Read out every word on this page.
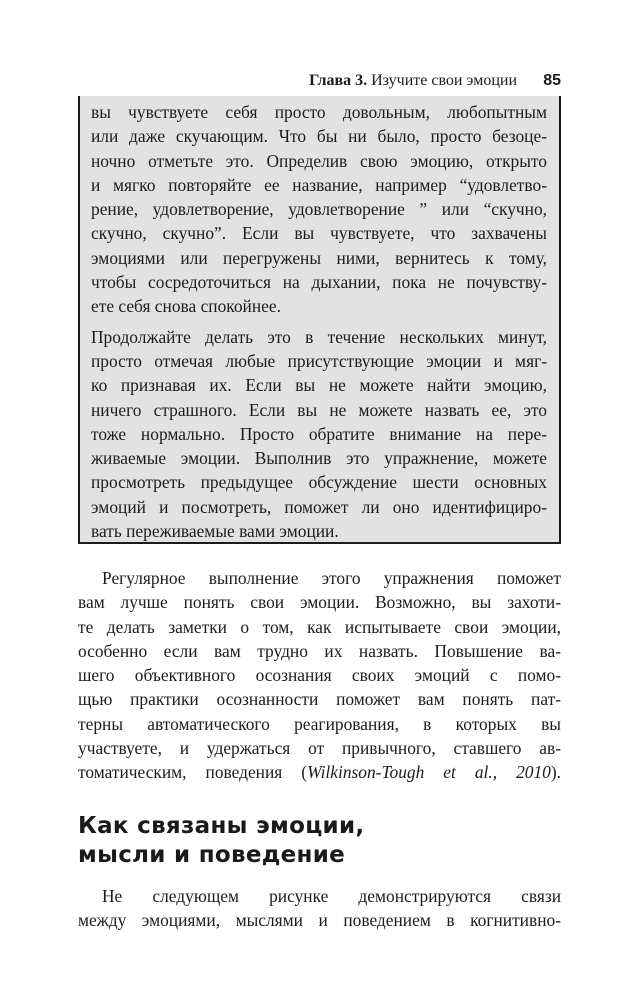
Глава 3. Изучите свои эмоции 85

вы чувствуете себя просто довольным, любопытным
или даже скучающим. Что бы ни было, просто безоце-
ночно отметьте это. Определив свою эмоцию, открыто
и мягко повторяйте ее название, например “удовлетво-
рение, удовлетворение, удовлетворение ” или “скучно,
скучно, скучно”. Если вы чувствуете, что захвачены
эмоциями или перегружены ними, вернитесь к тому,
чтобы сосредоточиться на дыхании, пока не почувству-
ете себя снова спокойнее.

Продолжайте делать это в течение нескольких минут,
просто отмечая любые присутствующие эмоции и мяг-
ко признавая их. Если вы не можете найти эмоцию,
ничего страшного. Если вы не можете назвать ее, это
тоже нормально. Просто обратите внимание на пере-
живаемые эмоции. Выполнив это упражнение, можете
просмотреть предыдущее обсуждение шести основных
эмоций и посмотреть, поможет ли оно идентифициро-
вать переживаемые вами эмоции.

Регулярное выполнение этого упражнения поможет
вам лучше понять свои эмоции. Возможно, вы захоти-
те делать заметки о том, как испытываете свои эмоции,
особенно если вам трудно их назвать. Повышение ва-
шего объективного осознания своих эмоций с помо-
щью практики осознанности поможет вам понять пат-
терны автоматического реагирования, в которых вы
участвуете, и удержаться от привычного, ставшего ав-
томатическим, поведения (Wilkinson-Tough et al., 2010).
Как связаны эмоции,
мысли и поведение
Не следующем рисунке демонстрируются связи
между эмоциями, мыслями и поведением в когнитивно-
